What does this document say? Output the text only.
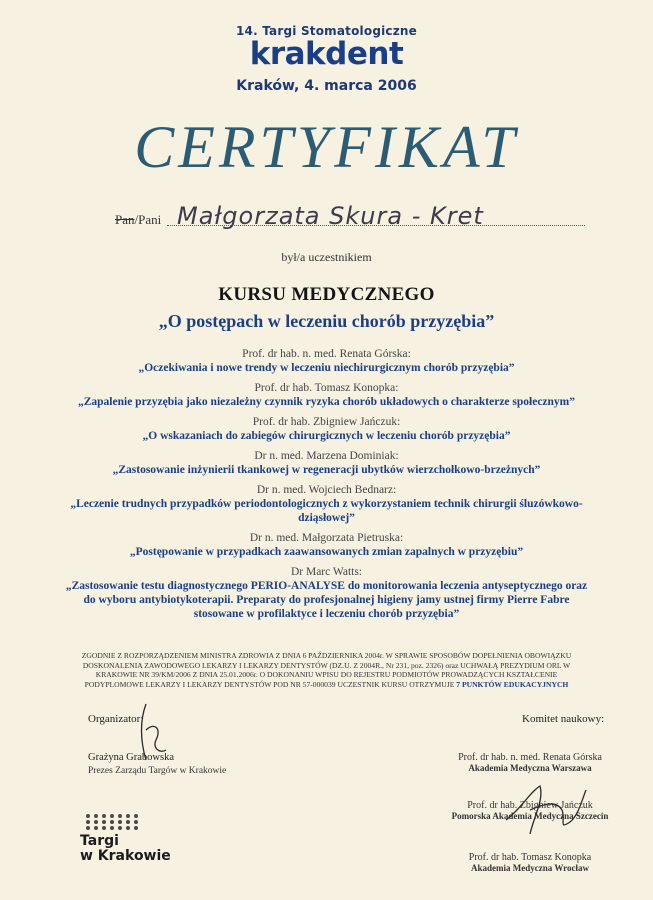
14. Targi Stomatologiczne
krakdent
Kraków, 4. marca 2006
CERTYFIKAT
Pan/Pani Małgorzata Skura - Kret
był/a uczestnikiem
KURSU MEDYCZNEGO
„O postępach w leczeniu chorób przyzębia”
Prof. dr hab. n. med. Renata Górska:
„Oczekiwania i nowe trendy w leczeniu niechirurgicznym chorób przyzębia”
Prof. dr hab. Tomasz Konopka:
„Zapalenie przyzębia jako niezależny czynnik ryzyka chorób układowych o charakterze społecznym”
Prof. dr hab. Zbigniew Jańczuk:
„O wskazaniach do zabiegów chirurgicznych w leczeniu chorób przyzębia”
Dr n. med. Marzena Dominiak:
„Zastosowanie inżynierii tkankowej w regeneracji ubytków wierzchołkowo-brzeżnych”
Dr n. med. Wojciech Bednarz:
„Leczenie trudnych przypadków periodontologicznych z wykorzystaniem technik chirurgii śluzówkowo-dziąsłowej”
Dr n. med. Małgorzata Pietruska:
„Postępowanie w przypadkach zaawansowanych zmian zapalnych w przyzębiu”
Dr Marc Watts:
„Zastosowanie testu diagnostycznego PERIO-ANALYSE do monitorowania leczenia antyseptycznego oraz do wyboru antybiotykoterapii. Preparaty do profesjonalnej higieny jamy ustnej firmy Pierre Fabre stosowane w profilaktyce i leczeniu chorób przyzębia”
ZGODNIE Z ROZPORZĄDZENIEM MINISTRA ZDROWIA Z DNIA 6 PAŹDZIERNIKA 2004r. W SPRAWIE SPOSOBÓW DOPEŁNIENIA OBOWIĄZKU DOSKONALENIA ZAWODOWEGO LEKARZY I LEKARZY DENTYSTÓW (DZ.U. Z 2004R., Nr 231, poz. 2326) oraz UCHWAŁĄ PREZYDIUM ORL W KRAKOWIE NR 39/KM/2006 Z DNIA 25.01.2006r. O DOKONANIU WPISU DO REJESTRU PODMIOTÓW PROWADZĄCYCH KSZTAŁCENIE PODYPLOMOWE LEKARZY I LEKARZY DENTYSTÓW POD NR 57-000039 UCZESTNIK KURSU OTRZYMUJE 7 PUNKTÓW EDUKACYJNYCH
Organizator:
Grażyna Grabowska
Prezes Zarządu Targów w Krakowie
Komitet naukowy:
Prof. dr hab. n. med. Renata Górska
Akademia Medyczna Warszawa
Prof. dr hab. Zbigniew Jańczuk
Pomorska Akademia Medyczna Szczecin
Prof. dr hab. Tomasz Konopka
Akademia Medyczna Wrocław
Targi
w Krakowie
